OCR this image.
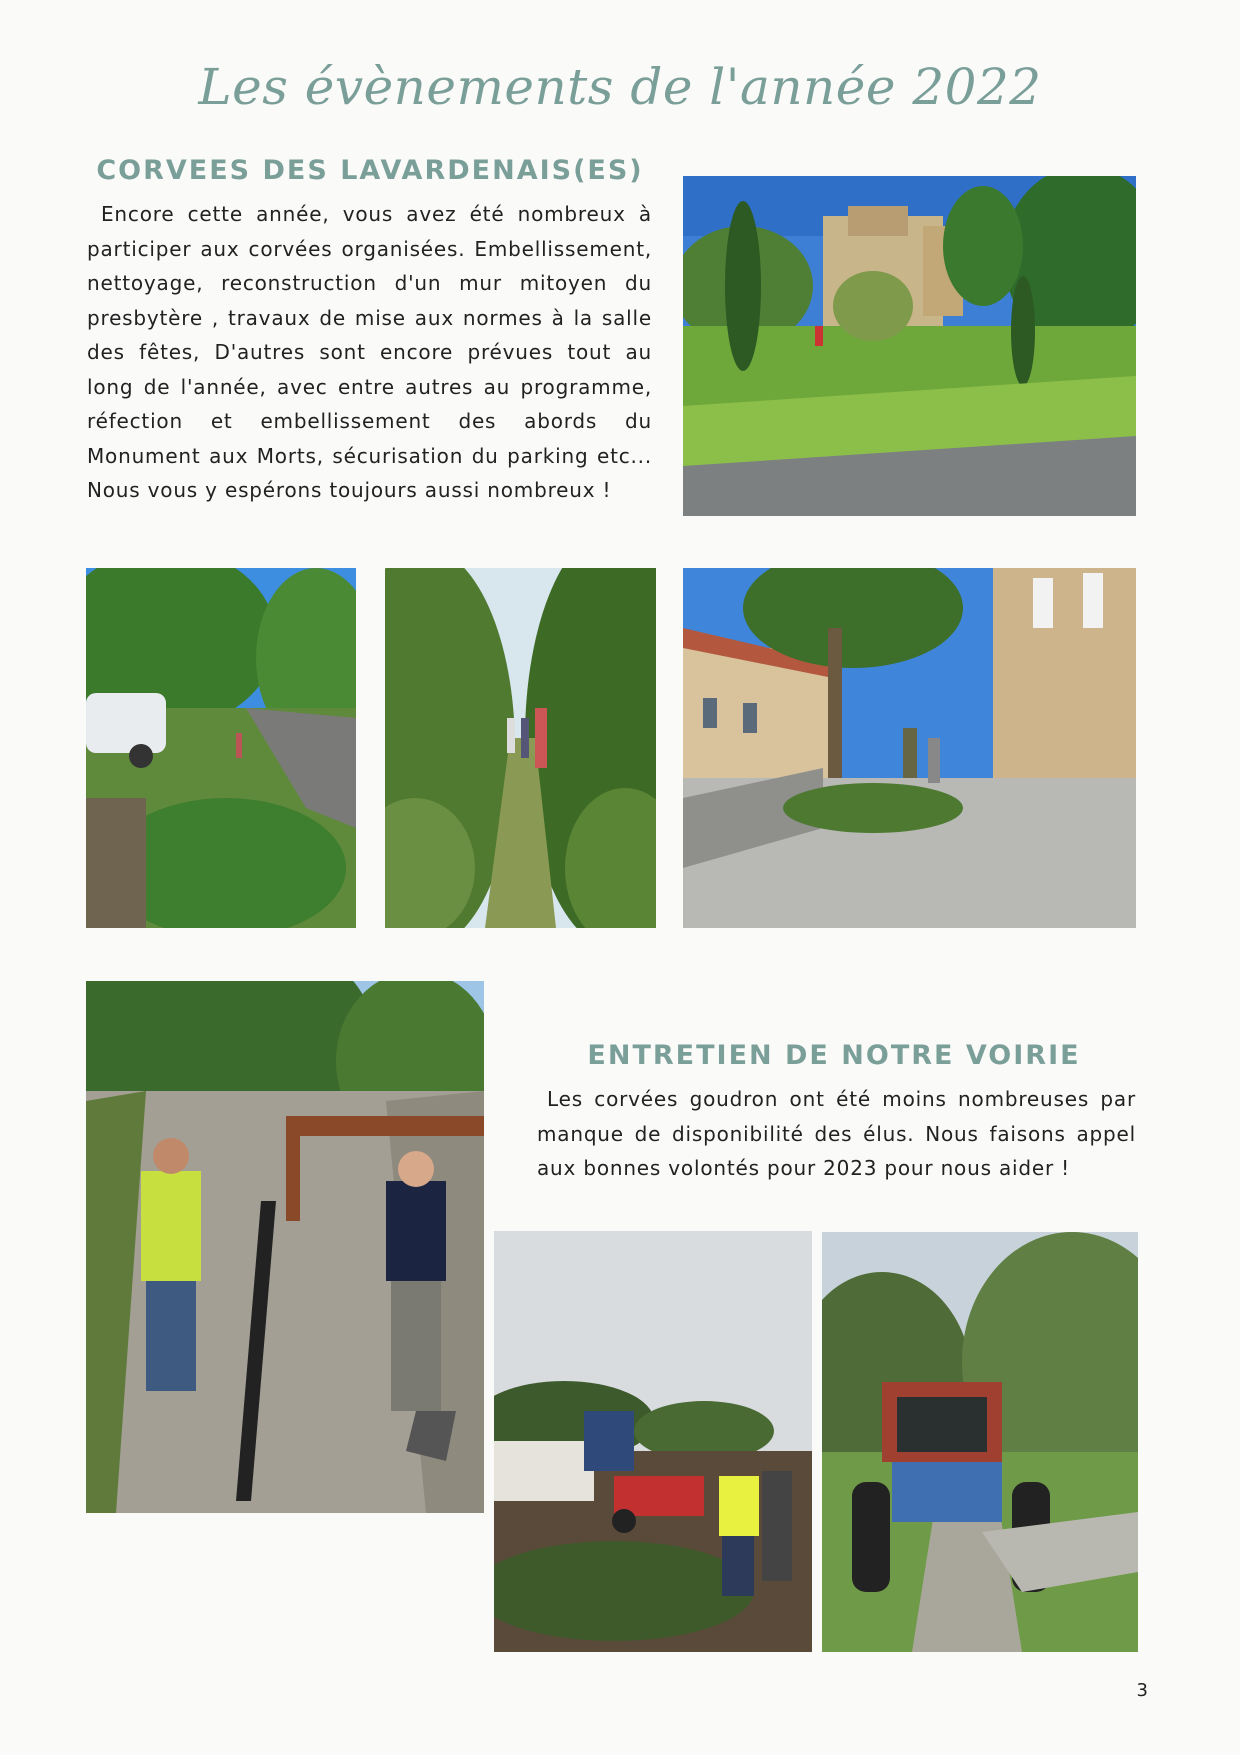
Les évènements de l'année 2022
CORVEES DES LAVARDENAIS(ES)
Encore cette année, vous avez été nombreux à participer aux corvées organisées. Embellissement, nettoyage, reconstruction d'un mur mitoyen du presbytère , travaux de mise aux normes à la salle des fêtes, D'autres sont encore prévues tout au long de l'année, avec entre autres au programme, réfection et embellissement des abords du Monument aux Morts, sécurisation du parking etc... Nous vous y espérons toujours aussi nombreux !
ENTRETIEN DE NOTRE VOIRIE
Les corvées goudron ont été moins nombreuses par manque de disponibilité des élus. Nous faisons appel aux bonnes volontés pour 2023 pour nous aider !
3
